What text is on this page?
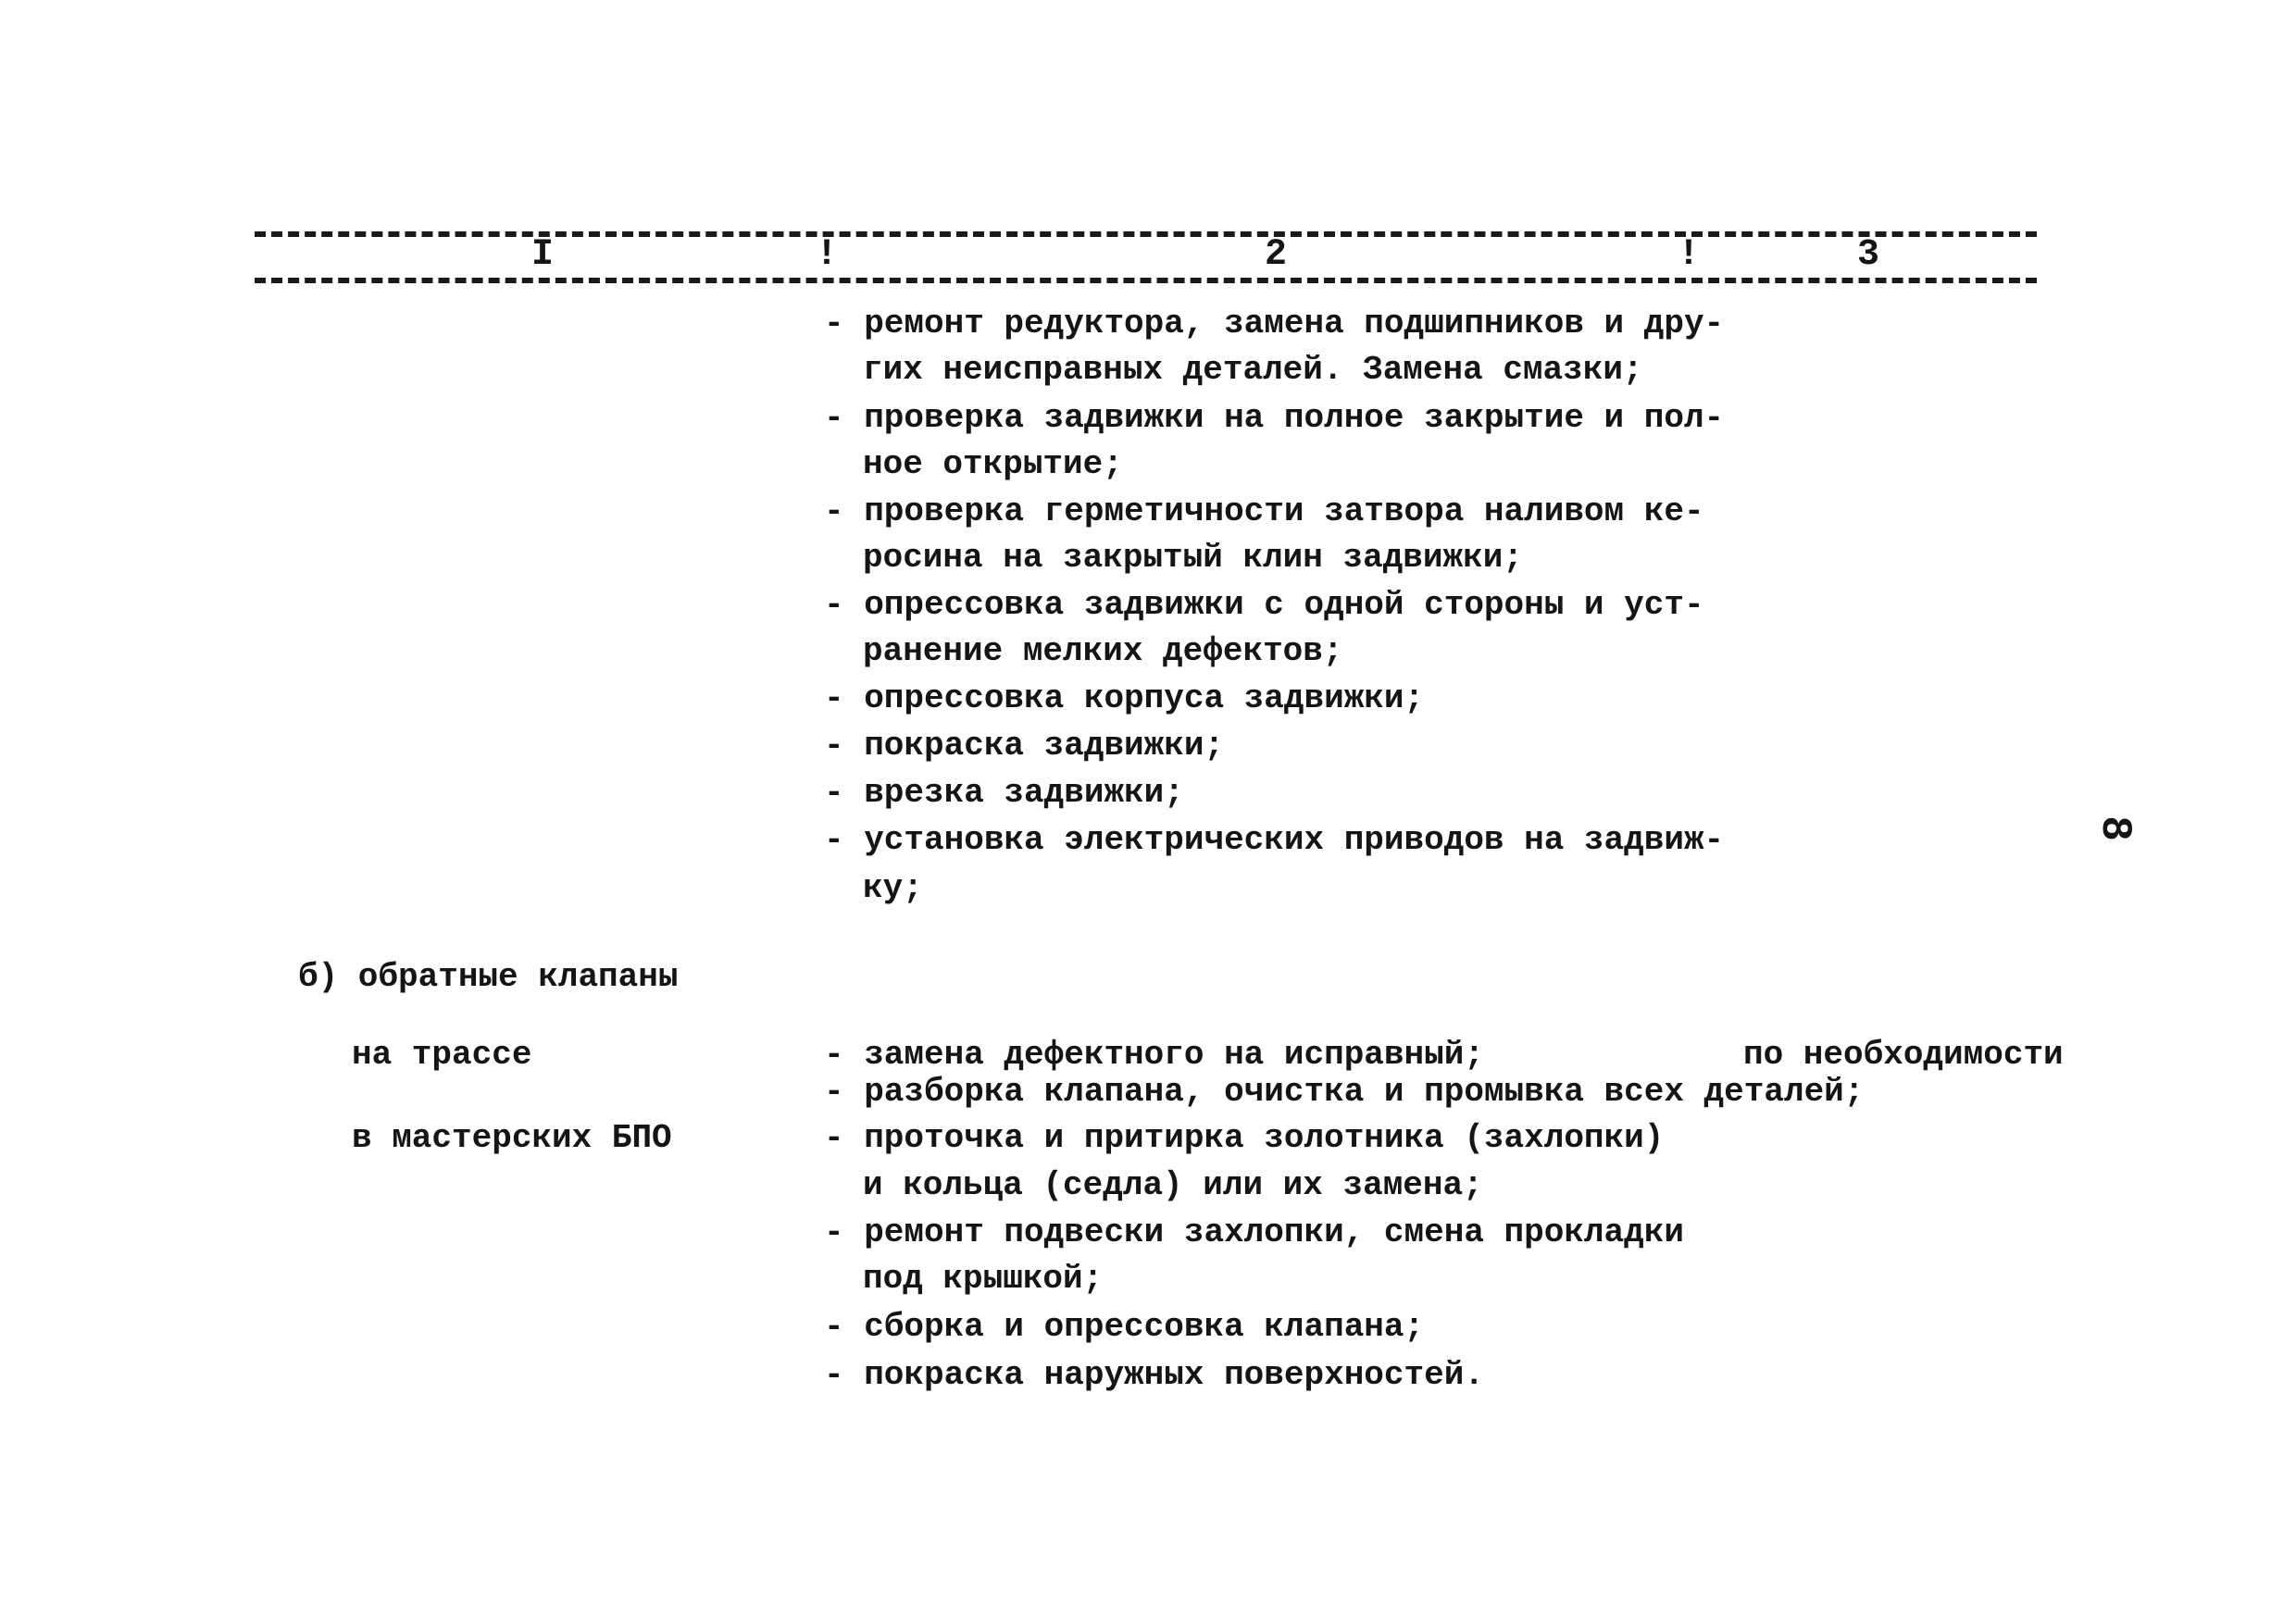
I	!	2	!	3
- ремонт редуктора, замена подшипников и дру-
гих неисправных деталей. Замена смазки;
- проверка задвижки на полное закрытие и пол-
ное открытие;
- проверка герметичности затвора наливом ке-
росина на закрытый клин задвижки;
- опрессовка задвижки с одной стороны и уст-
ранение мелких дефектов;
- опрессовка корпуса задвижки;
- покраска задвижки;
- врезка задвижки;
- установка электрических приводов на задвиж-
ку;
б) обратные клапаны
на трассе	- замена дефектного на исправный;	по необходимости
- разборка клапана, очистка и промывка всех деталей;
в мастерских БПО	- проточка и притирка золотника (захлопки)
и кольца (седла) или их замена;
- ремонт подвески захлопки, смена прокладки
под крышкой;
- сборка и опрессовка клапана;
- покраска наружных поверхностей.
8
